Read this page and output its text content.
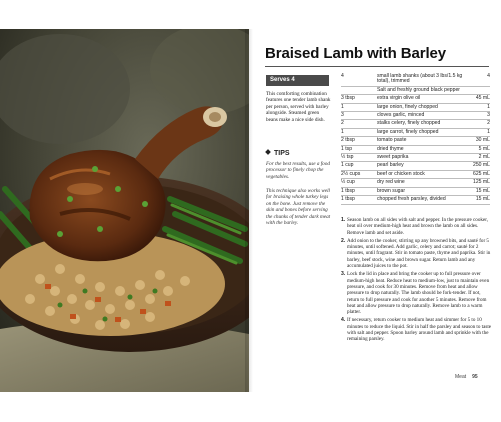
Braised Lamb with Barley
Serves 4

This comforting combination features one tender lamb shank per person, served with barley alongside. Steamed green beans make a nice side dish.

TIPS

For the best results, use a food processor to finely chop the vegetables.

This technique also works well for braising whole turkey legs on the bone. Just remove the skin and bones before serving the chunks of tender dark meat with the barley.

4	small lamb shanks (about 3 lbs/1.5 kg total), trimmed	4
	Salt and freshly ground black pepper	
3 tbsp	extra virgin olive oil	45 mL
1	large onion, finely chopped	1
3	cloves garlic, minced	3
2	stalks celery, finely chopped	2
1	large carrot, finely chopped	1
2 tbsp	tomato paste	30 mL
1 tsp	dried thyme	5 mL
½ tsp	sweet paprika	2 mL
1 cup	pearl barley	250 mL
2½ cups	beef or chicken stock	625 mL
½ cup	dry red wine	125 mL
1 tbsp	brown sugar	15 mL
1 tbsp	chopped fresh parsley, divided	15 mL
1. Season lamb on all sides with salt and pepper. In the pressure cooker, heat oil over medium-high heat and brown the lamb on all sides. Remove lamb and set aside.
2. Add onion to the cooker, stirring up any browned bits, and sauté for 5 minutes, until softened. Add garlic, celery and carrot; sauté for 2 minutes, until fragrant. Stir in tomato paste, thyme and paprika. Stir in barley, beef stock, wine and brown sugar. Return lamb and any accumulated juices to the pot.
3. Lock the lid in place and bring the cooker up to full pressure over medium-high heat. Reduce heat to medium-low, just to maintain even pressure, and cook for 30 minutes. Remove from heat and allow pressure to drop naturally. The lamb should be fork-tender. If not, return to full pressure and cook for another 5 minutes. Remove from heat and allow pressure to drop naturally. Remove lamb to a warm platter.
4. If necessary, return cooker to medium heat and simmer for 5 to 10 minutes to reduce the liquid. Stir in half the parsley and season to taste with salt and pepper. Spoon barley around lamb and sprinkle with the remaining parsley.
Meat 95
